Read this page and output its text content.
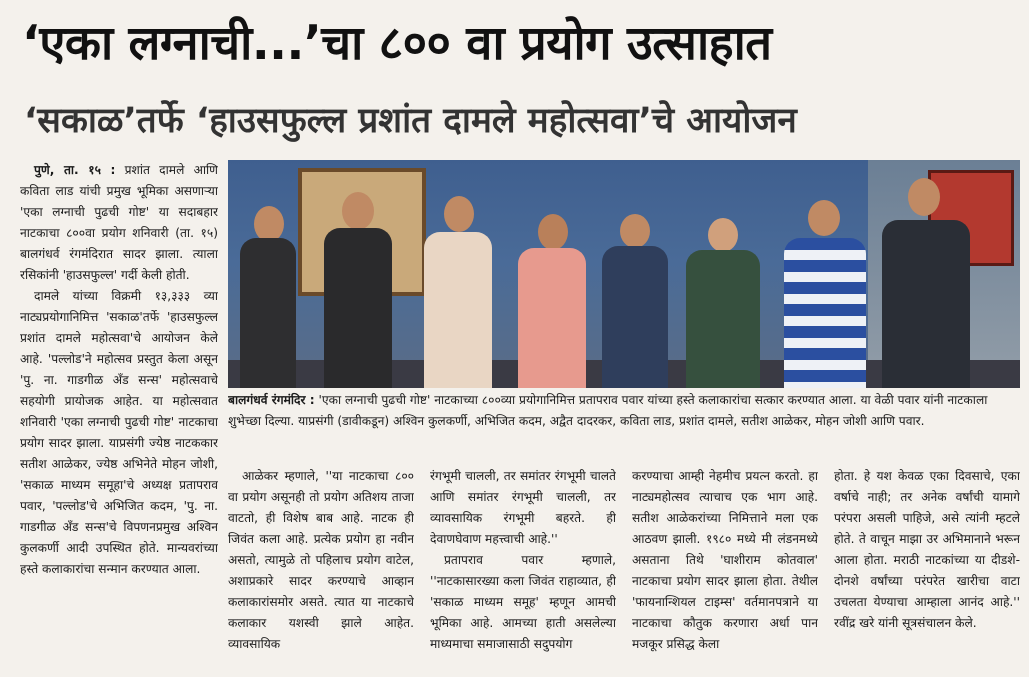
‘एका लग्नाची...’चा ८०० वा प्रयोग उत्साहात
‘सकाळ’तर्फे ‘हाउसफुल्ल प्रशांत दामले महोत्सवा’चे आयोजन

पुणे, ता. १५ : प्रशांत दामले आणि कविता लाड यांची प्रमुख भूमिका असणाऱ्या 'एका लग्नाची पुढची गोष्ट' या सदाबहार नाटकाचा ८००वा प्रयोग शनिवारी (ता. १५) बालगंधर्व रंगमंदिरात सादर झाला. त्याला रसिकांनी 'हाउसफुल्ल' गर्दी केली होती.

दामले यांच्या विक्रमी १३,३३३ व्या नाट्यप्रयोगानिमित्त 'सकाळ'तर्फे 'हाउसफुल्ल प्रशांत दामले महोत्सवा'चे आयोजन केले आहे. 'पल्लोड'ने महोत्सव प्रस्तुत केला असून 'पु. ना. गाडगीळ अँड सन्स' महोत्सवाचे सहयोगी प्रायोजक आहेत. या महोत्सवात शनिवारी 'एका लग्नाची पुढची गोष्ट' नाटकाचा प्रयोग सादर झाला. याप्रसंगी ज्येष्ठ नाटककार सतीश आळेकर, ज्येष्ठ अभिनेते मोहन जोशी, 'सकाळ माध्यम समूहा'चे अध्यक्ष प्रतापराव पवार, 'पल्लोड'चे अभिजित कदम, 'पु. ना. गाडगीळ अँड सन्स'चे विपणनप्रमुख अश्विन कुलकर्णी आदी उपस्थित होते. मान्यवरांच्या हस्ते कलाकारांचा सन्मान करण्यात आला.

बालगंधर्व रंगमंदिर : 'एका लग्नाची पुढची गोष्ट' नाटकाच्या ८००व्या प्रयोगानिमित्त प्रतापराव पवार यांच्या हस्ते कलाकारांचा सत्कार करण्यात आला. या वेळी पवार यांनी नाटकाला शुभेच्छा दिल्या. याप्रसंगी (डावीकडून) अश्विन कुलकर्णी, अभिजित कदम, अद्वैत दादरकर, कविता लाड, प्रशांत दामले, सतीश आळेकर, मोहन जोशी आणि पवार.

आळेकर म्हणाले, ''या नाटकाचा ८०० वा प्रयोग असूनही तो प्रयोग अतिशय ताजा वाटतो, ही विशेष बाब आहे. नाटक ही जिवंत कला आहे. प्रत्येक प्रयोग हा नवीन असतो, त्यामुळे तो पहिलाच प्रयोग वाटेल, अशाप्रकारे सादर करण्याचे आव्हान कलाकारांसमोर असते. त्यात या नाटकाचे कलाकार यशस्वी झाले आहेत. व्यावसायिक

रंगभूमी चालली, तर समांतर रंगभूमी चालते आणि समांतर रंगभूमी चालली, तर व्यावसायिक रंगभूमी बहरते. ही देवाणघेवाण महत्त्वाची आहे.''

प्रतापराव पवार म्हणाले, ''नाटकासारख्या कला जिवंत राहाव्यात, ही 'सकाळ माध्यम समूह' म्हणून आमची भूमिका आहे. आमच्या हाती असलेल्या माध्यमाचा समाजासाठी सदुपयोग

करण्याचा आम्ही नेहमीच प्रयत्न करतो. हा नाट्यमहोत्सव त्याचाच एक भाग आहे. सतीश आळेकरांच्या निमित्ताने मला एक आठवण झाली. १९८० मध्ये मी लंडनमध्ये असताना तिथे 'घाशीराम कोतवाल' नाटकाचा प्रयोग सादर झाला होता. तेथील 'फायनान्शियल टाइम्स' वर्तमानपत्राने या नाटकाचा कौतुक करणारा अर्धा पान मजकूर प्रसिद्ध केला

होता. हे यश केवळ एका दिवसाचे, एका वर्षाचे नाही; तर अनेक वर्षांची यामागे परंपरा असली पाहिजे, असे त्यांनी म्हटले होते. ते वाचून माझा उर अभिमानाने भरून आला होता. मराठी नाटकांच्या या दीडशे-दोनशे वर्षांच्या परंपरेत खारीचा वाटा उचलता येण्याचा आम्हाला आनंद आहे.'' रवींद्र खरे यांनी सूत्रसंचालन केले.
